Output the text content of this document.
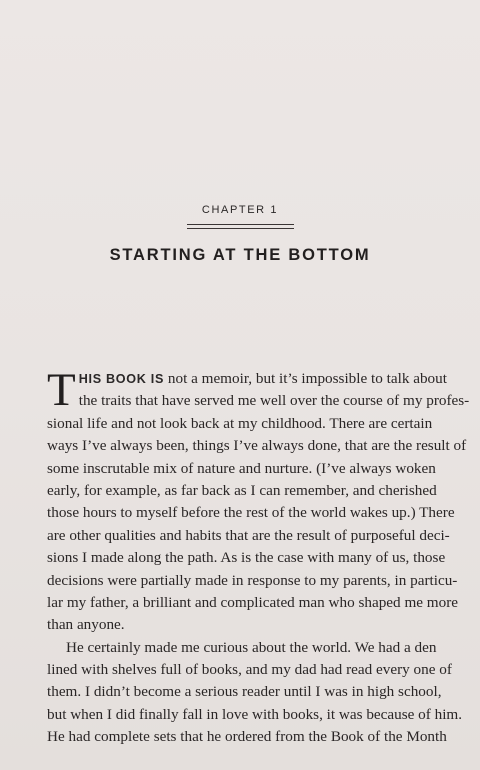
CHAPTER 1
STARTING AT THE BOTTOM
T HIS BOOK IS not a memoir, but it’s impossible to talk about
the traits that have served me well over the course of my profes-
sional life and not look back at my childhood. There are certain
ways I’ve always been, things I’ve always done, that are the result of
some inscrutable mix of nature and nurture. (I’ve always woken
early, for example, as far back as I can remember, and cherished
those hours to myself before the rest of the world wakes up.) There
are other qualities and habits that are the result of purposeful deci-
sions I made along the path. As is the case with many of us, those
decisions were partially made in response to my parents, in particu-
lar my father, a brilliant and complicated man who shaped me more
than anyone.
He certainly made me curious about the world. We had a den
lined with shelves full of books, and my dad had read every one of
them. I didn’t become a serious reader until I was in high school,
but when I did finally fall in love with books, it was because of him.
He had complete sets that he ordered from the Book of the Month
